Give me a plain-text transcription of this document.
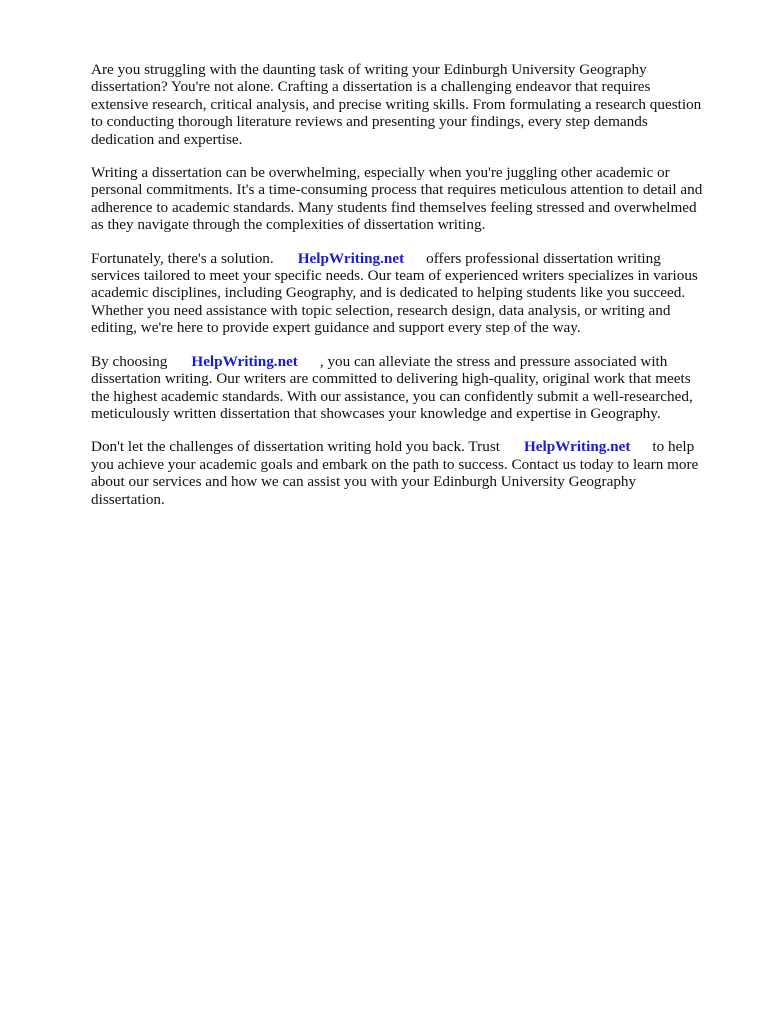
Are you struggling with the daunting task of writing your Edinburgh University Geography
dissertation? You're not alone. Crafting a dissertation is a challenging endeavor that requires
extensive research, critical analysis, and precise writing skills. From formulating a research question
to conducting thorough literature reviews and presenting your findings, every step demands
dedication and expertise.

Writing a dissertation can be overwhelming, especially when you're juggling other academic or
personal commitments. It's a time-consuming process that requires meticulous attention to detail and
adherence to academic standards. Many students find themselves feeling stressed and overwhelmed
as they navigate through the complexities of dissertation writing.

Fortunately, there's a solution. HelpWriting.net offers professional dissertation writing
services tailored to meet your specific needs. Our team of experienced writers specializes in various
academic disciplines, including Geography, and is dedicated to helping students like you succeed.
Whether you need assistance with topic selection, research design, data analysis, or writing and
editing, we're here to provide expert guidance and support every step of the way.

By choosing HelpWriting.net , you can alleviate the stress and pressure associated with
dissertation writing. Our writers are committed to delivering high-quality, original work that meets
the highest academic standards. With our assistance, you can confidently submit a well-researched,
meticulously written dissertation that showcases your knowledge and expertise in Geography.

Don't let the challenges of dissertation writing hold you back. Trust HelpWriting.net to help
you achieve your academic goals and embark on the path to success. Contact us today to learn more
about our services and how we can assist you with your Edinburgh University Geography
dissertation.
